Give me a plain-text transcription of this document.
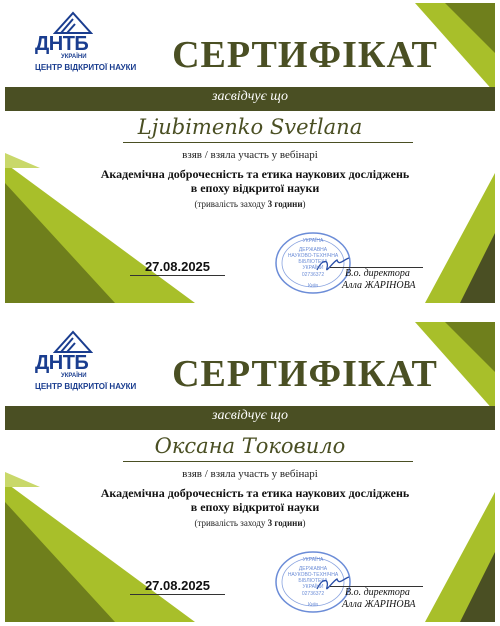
ДНТБ
УКРАЇНИ
ЦЕНТР ВІДКРИТОЇ НАУКИ СЕРТИФІКАТ
засвідчує що
Ljubimenko Svetlana
взяв / взяла участь у вебінарі
Академічна доброчесність та етика наукових досліджень
в епоху відкритої науки
(тривалість заходу 3 години)
27.08.2025
УКРАЇНА
ДЕРЖАВНА
НАУКОВО-ТЕХНІЧНА
БІБЛІОТЕКА
УКРАЇНИ
02736372
Київ
В.о. директора
Алла ЖАРІНОВА
ДНТБ
УКРАЇНИ
ЦЕНТР ВІДКРИТОЇ НАУКИ СЕРТИФІКАТ
засвідчує що
Оксана Токовило
взяв / взяла участь у вебінарі
Академічна доброчесність та етика наукових досліджень
в епоху відкритої науки
(тривалість заходу 3 години)
27.08.2025
УКРАЇНА
ДЕРЖАВНА
НАУКОВО-ТЕХНІЧНА
БІБЛІОТЕКА
УКРАЇНИ
02736372
Київ
В.о. директора
Алла ЖАРІНОВА
